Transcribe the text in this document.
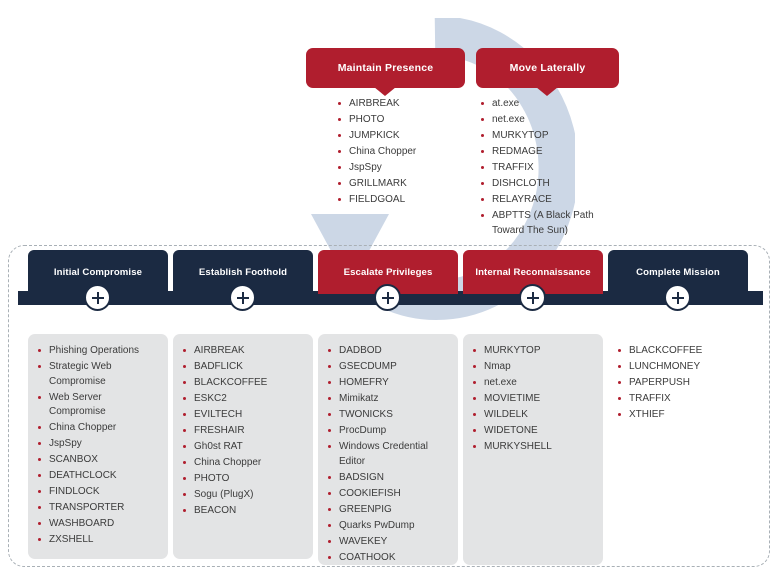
Maintain Presence	Move Laterally
AIRBREAK
PHOTO
JUMPKICK
China Chopper
JspSpy
GRILLMARK
FIELDGOAL
at.exe
net.exe
MURKYTOP
REDMAGE
TRAFFIX
DISHCLOTH
RELAYRACE
ABPTTS (A Black Path Toward The Sun)
Initial Compromise
Phishing Operations
Strategic Web Compromise
Web Server Compromise
China Chopper
JspSpy
SCANBOX
DEATHCLOCK
FINDLOCK
TRANSPORTER
WASHBOARD
ZXSHELL
Establish Foothold
AIRBREAK
BADFLICK
BLACKCOFFEE
ESKC2
EVILTECH
FRESHAIR
Gh0st RAT
China Chopper
PHOTO
Sogu (PlugX)
BEACON
Escalate Privileges
DADBOD
GSECDUMP
HOMEFRY
Mimikatz
TWONICKS
ProcDump
Windows Credential Editor
BADSIGN
COOKIEFISH
GREENPIG
Quarks PwDump
WAVEKEY
COATHOOK
Internal Reconnaissance
MURKYTOP
Nmap
net.exe
MOVIETIME
WILDELK
WIDETONE
MURKYSHELL
Complete Mission
BLACKCOFFEE
LUNCHMONEY
PAPERPUSH
TRAFFIX
XTHIEF
